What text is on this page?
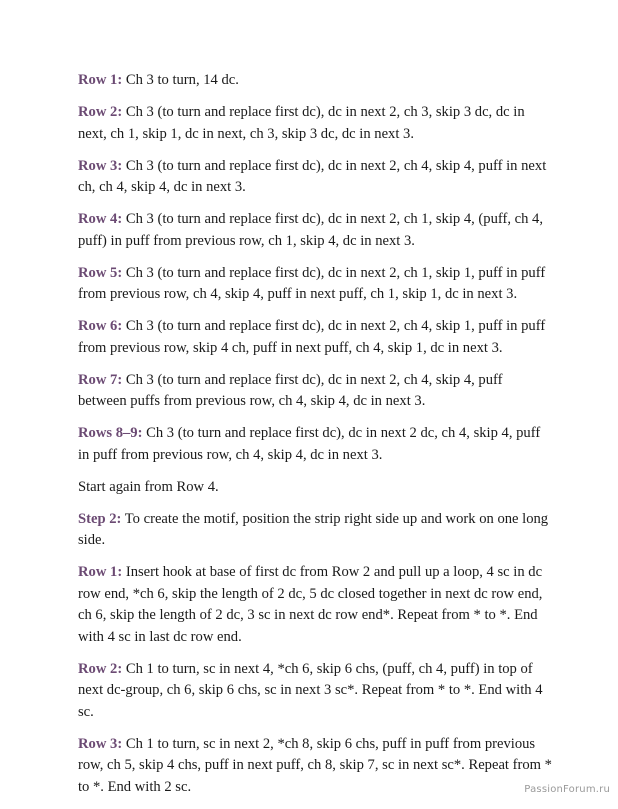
Row 1: Ch 3 to turn, 14 dc.

Row 2: Ch 3 (to turn and replace first dc), dc in next 2, ch 3, skip 3 dc, dc in next, ch 1, skip 1, dc in next, ch 3, skip 3 dc, dc in next 3.

Row 3: Ch 3 (to turn and replace first dc), dc in next 2, ch 4, skip 4, puff in next ch, ch 4, skip 4, dc in next 3.

Row 4: Ch 3 (to turn and replace first dc), dc in next 2, ch 1, skip 4, (puff, ch 4, puff) in puff from previous row, ch 1, skip 4, dc in next 3.

Row 5: Ch 3 (to turn and replace first dc), dc in next 2, ch 1, skip 1, puff in puff from previous row, ch 4, skip 4, puff in next puff, ch 1, skip 1, dc in next 3.

Row 6: Ch 3 (to turn and replace first dc), dc in next 2, ch 4, skip 1, puff in puff from previous row, skip 4 ch, puff in next puff, ch 4, skip 1, dc in next 3.

Row 7: Ch 3 (to turn and replace first dc), dc in next 2, ch 4, skip 4, puff between puffs from previous row, ch 4, skip 4, dc in next 3.

Rows 8–9: Ch 3 (to turn and replace first dc), dc in next 2 dc, ch 4, skip 4, puff in puff from previous row, ch 4, skip 4, dc in next 3.

Start again from Row 4.

Step 2: To create the motif, position the strip right side up and work on one long side.

Row 1: Insert hook at base of first dc from Row 2 and pull up a loop, 4 sc in dc row end, *ch 6, skip the length of 2 dc, 5 dc closed together in next dc row end, ch 6, skip the length of 2 dc, 3 sc in next dc row end*. Repeat from * to *. End with 4 sc in last dc row end.

Row 2: Ch 1 to turn, sc in next 4, *ch 6, skip 6 chs, (puff, ch 4, puff) in top of next dc-group, ch 6, skip 6 chs, sc in next 3 sc*. Repeat from * to *. End with 4 sc.

Row 3: Ch 1 to turn, sc in next 2, *ch 8, skip 6 chs, puff in puff from previous row, ch 5, skip 4 chs, puff in next puff, ch 8, skip 7, sc in next sc*. Repeat from * to *. End with 2 sc.	PassionForum.ru
